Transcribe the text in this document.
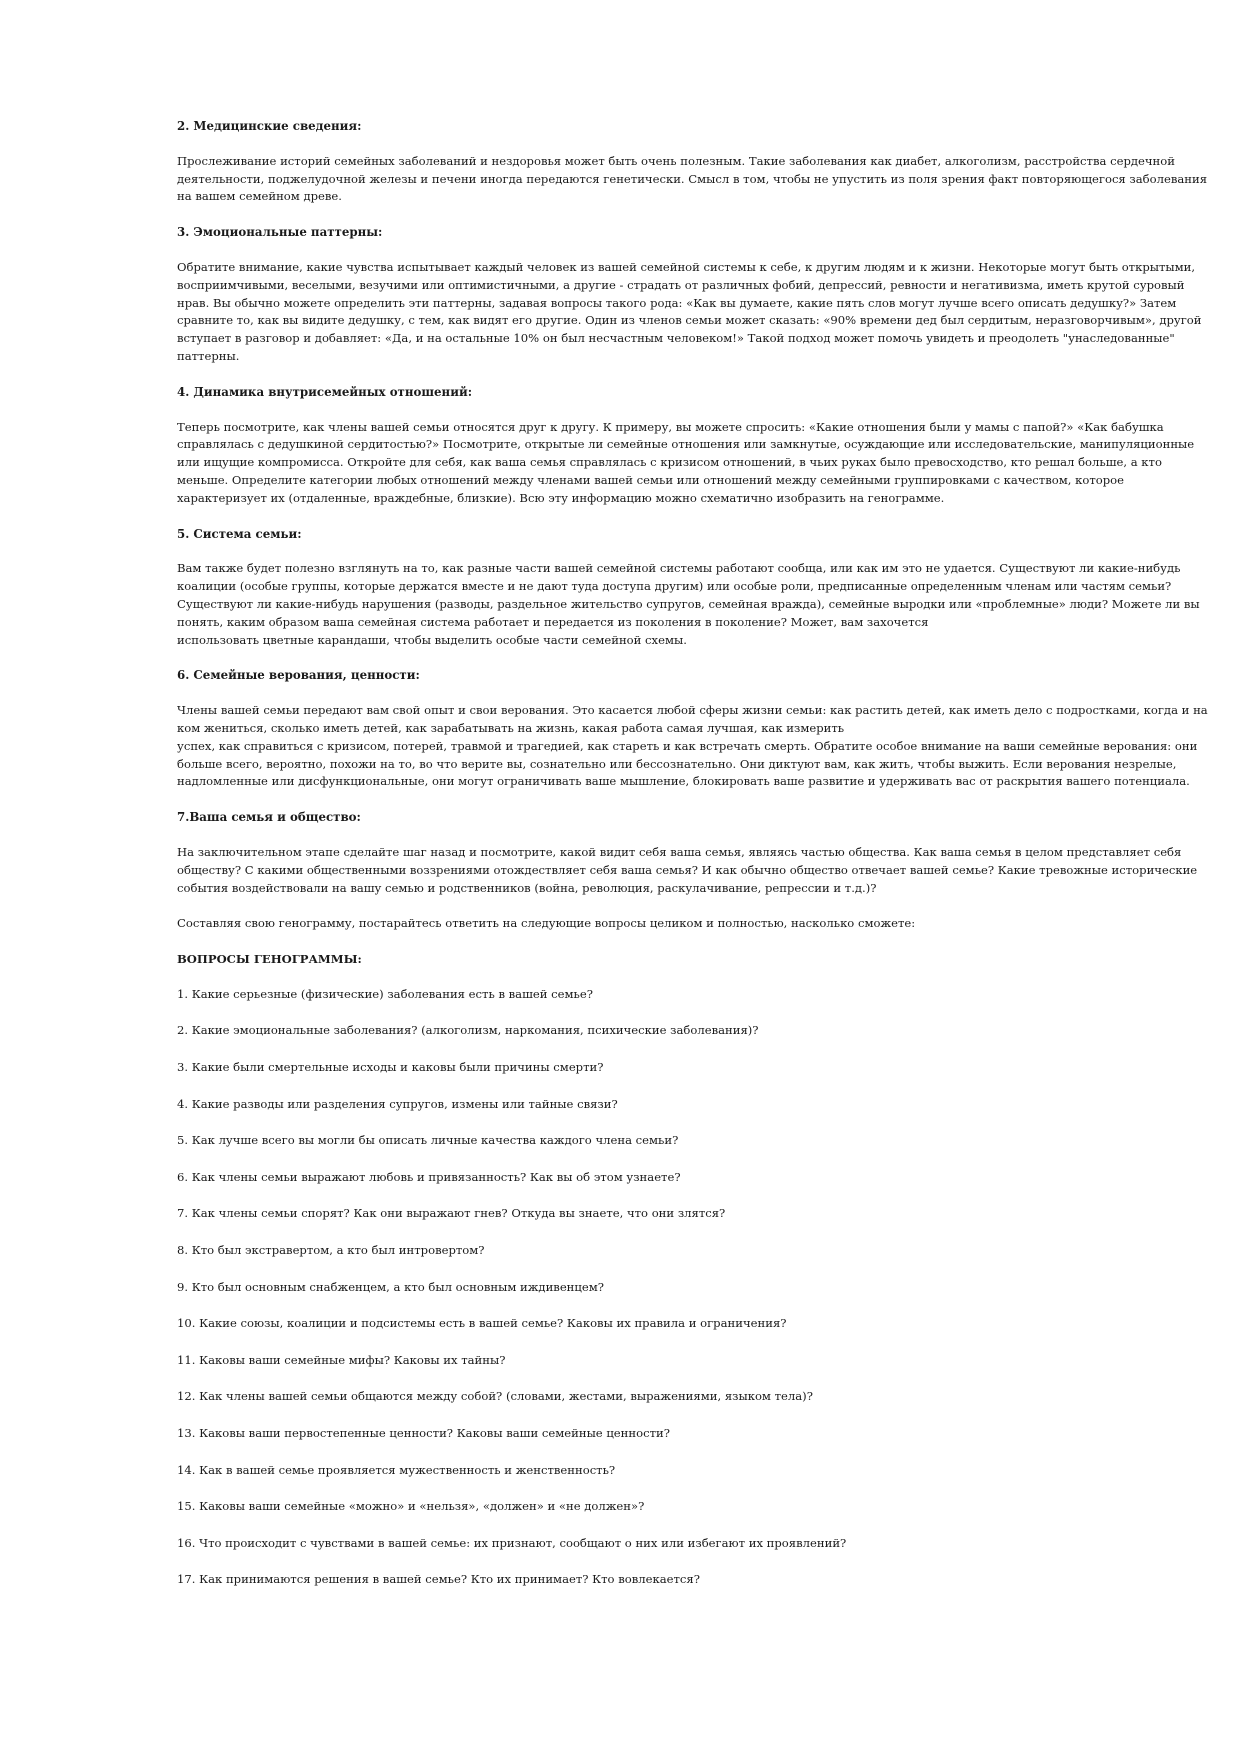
2. Медицинские сведения:
Прослеживание историй семейных заболеваний и нездоровья может быть очень полезным. Такие заболевания как диабет, алкоголизм, расстройства сердечной
деятельности, поджелудочной железы и печени иногда передаются генетически. Смысл в том, чтобы не упустить из поля зрения факт повторяющегося заболевания
на вашем семейном древе.
3. Эмоциональные паттерны:
Обратите внимание, какие чувства испытывает каждый человек из вашей семейной системы к себе, к другим людям и к жизни. Некоторые могут быть открытыми,
восприимчивыми, веселыми, везучими или оптимистичными, а другие - страдать от различных фобий, депрессий, ревности и негативизма, иметь крутой суровый
нрав. Вы обычно можете определить эти паттерны, задавая вопросы такого рода: «Как вы думаете, какие пять слов могут лучше всего описать дедушку?» Затем
сравните то, как вы видите дедушку, с тем, как видят его другие. Один из членов семьи может сказать: «90% времени дед был сердитым, неразговорчивым», другой
вступает в разговор и добавляет: «Да, и на остальные 10% он был несчастным человеком!» Такой подход может помочь увидеть и преодолеть "унаследованные"
паттерны.
4. Динамика внутрисемейных отношений:
Теперь посмотрите, как члены вашей семьи относятся друг к другу. К примеру, вы можете спросить: «Какие отношения были у мамы с папой?» «Как бабушка
справлялась с дедушкиной сердитостью?» Посмотрите, открытые ли семейные отношения или замкнутые, осуждающие или исследовательские, манипуляционные
или ищущие компромисса. Откройте для себя, как ваша семья справлялась с кризисом отношений, в чьих руках было превосходство, кто решал больше, а кто
меньше. Определите категории любых отношений между членами вашей семьи или отношений между семейными группировками с качеством, которое
характеризует их (отдаленные, враждебные, близкие). Всю эту информацию можно схематично изобразить на генограмме.
5. Система семьи:
Вам также будет полезно взглянуть на то, как разные части вашей семейной системы работают сообща, или как им это не удается. Существуют ли какие-нибудь
коалиции (особые группы, которые держатся вместе и не дают туда доступа другим) или особые роли, предписанные определенным членам или частям семьи?
Существуют ли какие-нибудь нарушения (разводы, раздельное жительство супругов, семейная вражда), семейные выродки или «проблемные» люди? Можете ли вы
понять, каким образом ваша семейная система работает и передается из поколения в поколение? Может, вам захочется
использовать цветные карандаши, чтобы выделить особые части семейной схемы.
6. Семейные верования, ценности:
Члены вашей семьи передают вам свой опыт и свои верования. Это касается любой сферы жизни семьи: как растить детей, как иметь дело с подростками, когда и на
ком жениться, сколько иметь детей, как зарабатывать на жизнь, какая работа самая лучшая, как измерить
успех, как справиться с кризисом, потерей, травмой и трагедией, как стареть и как встречать смерть. Обратите особое внимание на ваши семейные верования: они
больше всего, вероятно, похожи на то, во что верите вы, сознательно или бессознательно. Они диктуют вам, как жить, чтобы выжить. Если верования незрелые,
надломленные или дисфункциональные, они могут ограничивать ваше мышление, блокировать ваше развитие и удерживать вас от раскрытия вашего потенциала.
7.Ваша семья и общество:
На заключительном этапе сделайте шаг назад и посмотрите, какой видит себя ваша семья, являясь частью общества. Как ваша семья в целом представляет себя
обществу? С какими общественными воззрениями отождествляет себя ваша семья? И как обычно общество отвечает вашей семье? Какие тревожные исторические
события воздействовали на вашу семью и родственников (война, революция, раскулачивание, репрессии и т.д.)?
Составляя свою генограмму, постарайтесь ответить на следующие вопросы целиком и полностью, насколько сможете:
ВОПРОСЫ ГЕНОГРАММЫ:
1. Какие серьезные (физические) заболевания есть в вашей семье?
2. Какие эмоциональные заболевания? (алкоголизм, наркомания, психические заболевания)?
3. Какие были смертельные исходы и каковы были причины смерти?
4. Какие разводы или разделения супругов, измены или тайные связи?
5. Как лучше всего вы могли бы описать личные качества каждого члена семьи?
6. Как члены семьи выражают любовь и привязанность? Как вы об этом узнаете?
7. Как члены семьи спорят? Как они выражают гнев? Откуда вы знаете, что они злятся?
8. Кто был экстравертом, а кто был интровертом?
9. Кто был основным снабженцем, а кто был основным иждивенцем?
10. Какие союзы, коалиции и подсистемы есть в вашей семье? Каковы их правила и ограничения?
11. Каковы ваши семейные мифы? Каковы их тайны?
12. Как члены вашей семьи общаются между собой? (словами, жестами, выражениями, языком тела)?
13. Каковы ваши первостепенные ценности? Каковы ваши семейные ценности?
14. Как в вашей семье проявляется мужественность и женственность?
15. Каковы ваши семейные «можно» и «нельзя», «должен» и «не должен»?
16. Что происходит с чувствами в вашей семье: их признают, сообщают о них или избегают их проявлений?
17. Как принимаются решения в вашей семье? Кто их принимает? Кто вовлекается?
